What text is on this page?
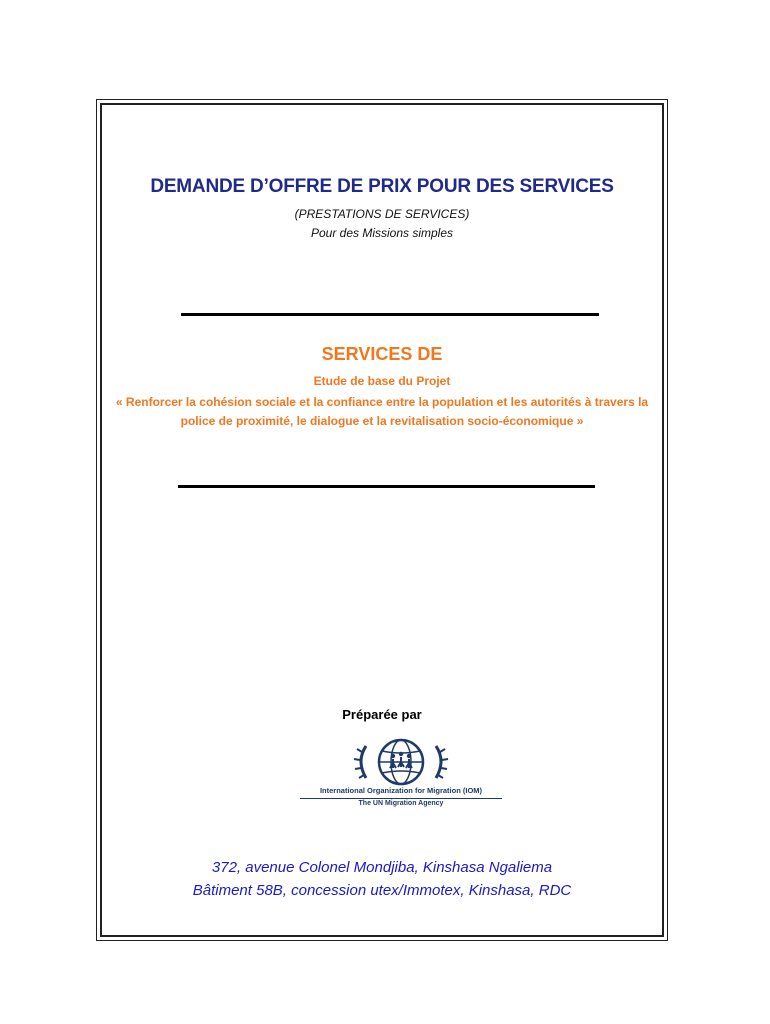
DEMANDE D’OFFRE DE PRIX POUR DES SERVICES
(PRESTATIONS DE SERVICES)
Pour des Missions simples
SERVICES DE
Etude de base du Projet
« Renforcer la cohésion sociale et la confiance entre la population et les autorités à travers la police de proximité, le dialogue et la revitalisation socio-économique »
Préparée par
International Organization for Migration (IOM)
The UN Migration Agency
372, avenue Colonel Mondjiba, Kinshasa Ngaliema
Bâtiment 58B, concession utex/Immotex, Kinshasa, RDC
